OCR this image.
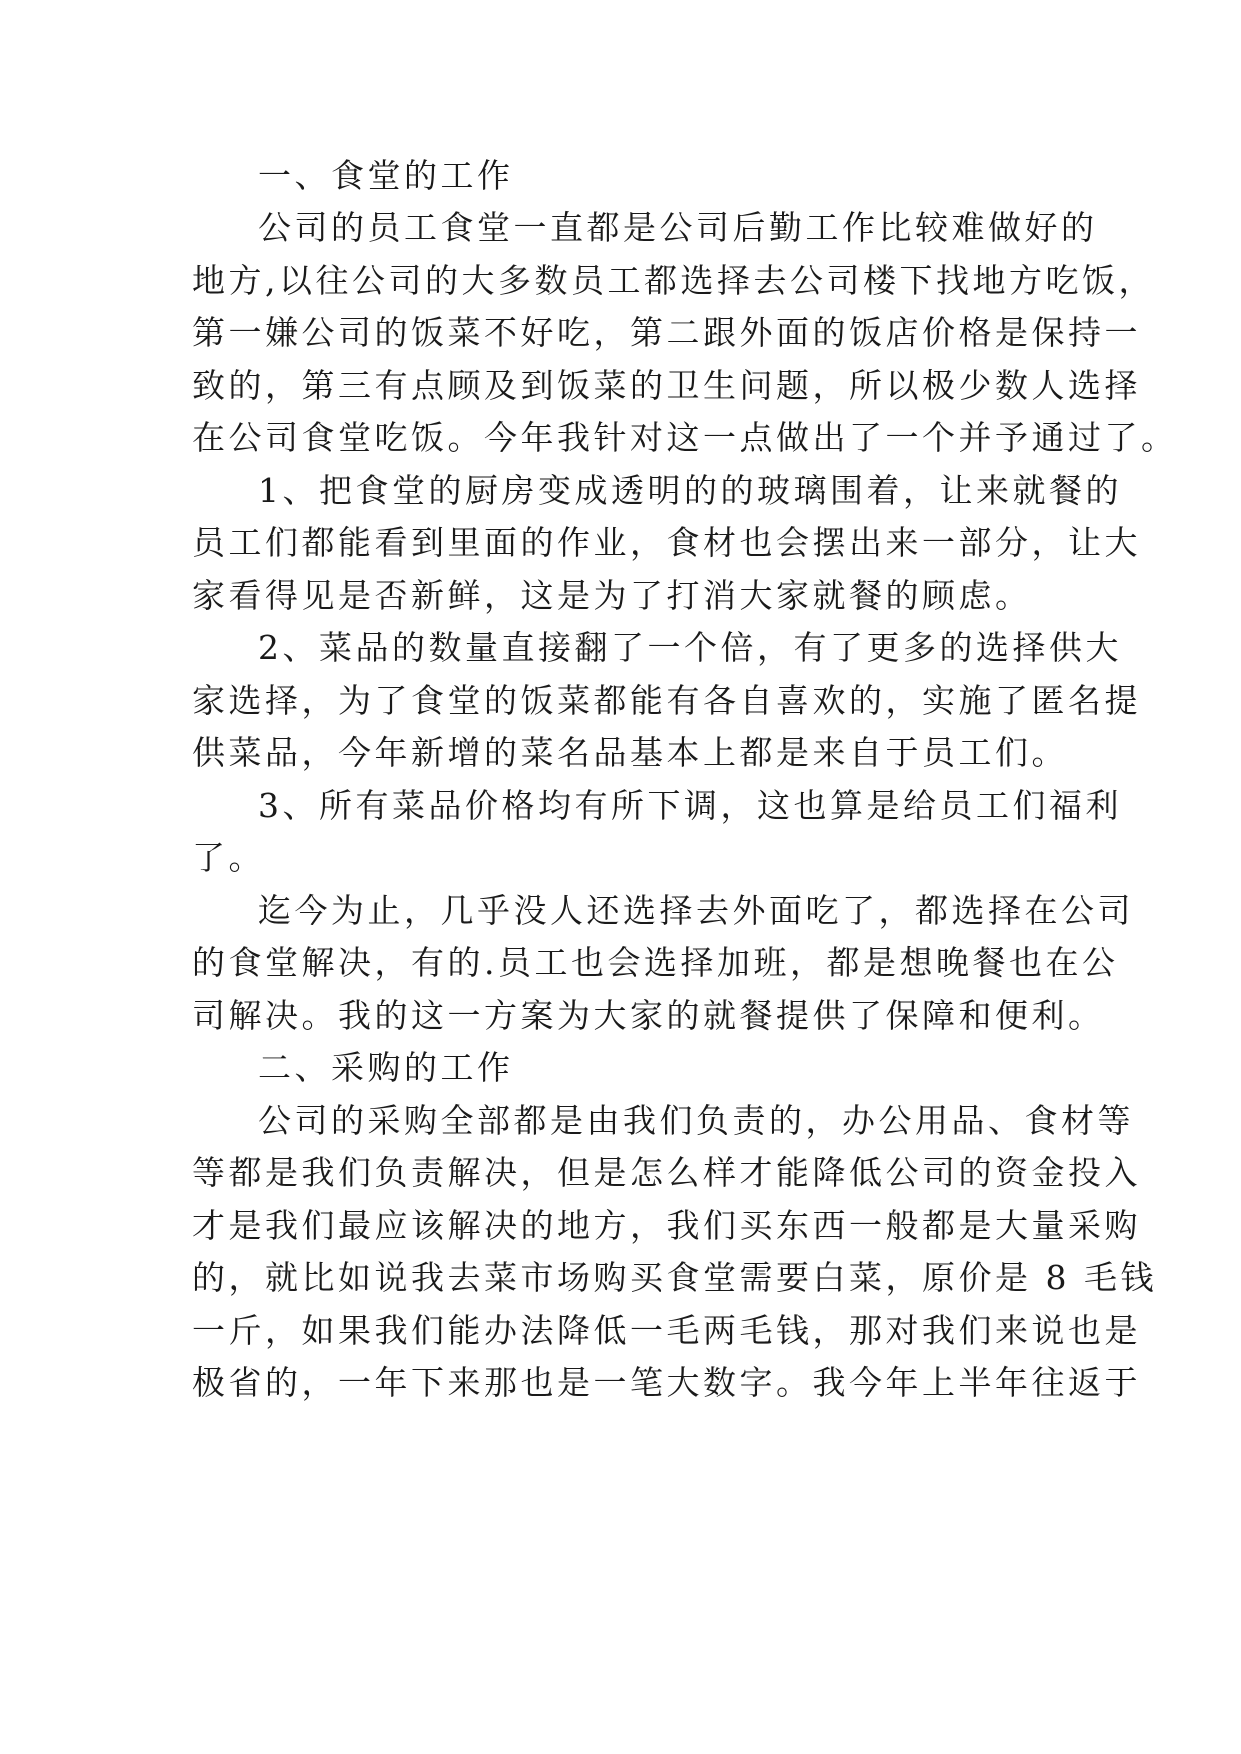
一、食堂的工作
公司的员工食堂一直都是公司后勤工作比较难做好的
地方,以往公司的大多数员工都选择去公司楼下找地方吃饭，
第一嫌公司的饭菜不好吃，第二跟外面的饭店价格是保持一
致的，第三有点顾及到饭菜的卫生问题，所以极少数人选择
在公司食堂吃饭。今年我针对这一点做出了一个并予通过了。
1、把食堂的厨房变成透明的的玻璃围着，让来就餐的
员工们都能看到里面的作业，食材也会摆出来一部分，让大
家看得见是否新鲜，这是为了打消大家就餐的顾虑。
2、菜品的数量直接翻了一个倍，有了更多的选择供大
家选择，为了食堂的饭菜都能有各自喜欢的，实施了匿名提
供菜品，今年新增的菜名品基本上都是来自于员工们。
3、所有菜品价格均有所下调，这也算是给员工们福利
了。
迄今为止，几乎没人还选择去外面吃了，都选择在公司
的食堂解决，有的.员工也会选择加班，都是想晚餐也在公
司解决。我的这一方案为大家的就餐提供了保障和便利。
二、采购的工作
公司的采购全部都是由我们负责的，办公用品、食材等
等都是我们负责解决，但是怎么样才能降低公司的资金投入
才是我们最应该解决的地方，我们买东西一般都是大量采购
的，就比如说我去菜市场购买食堂需要白菜，原价是 8 毛钱
一斤，如果我们能办法降低一毛两毛钱，那对我们来说也是
极省的，一年下来那也是一笔大数字。我今年上半年往返于
